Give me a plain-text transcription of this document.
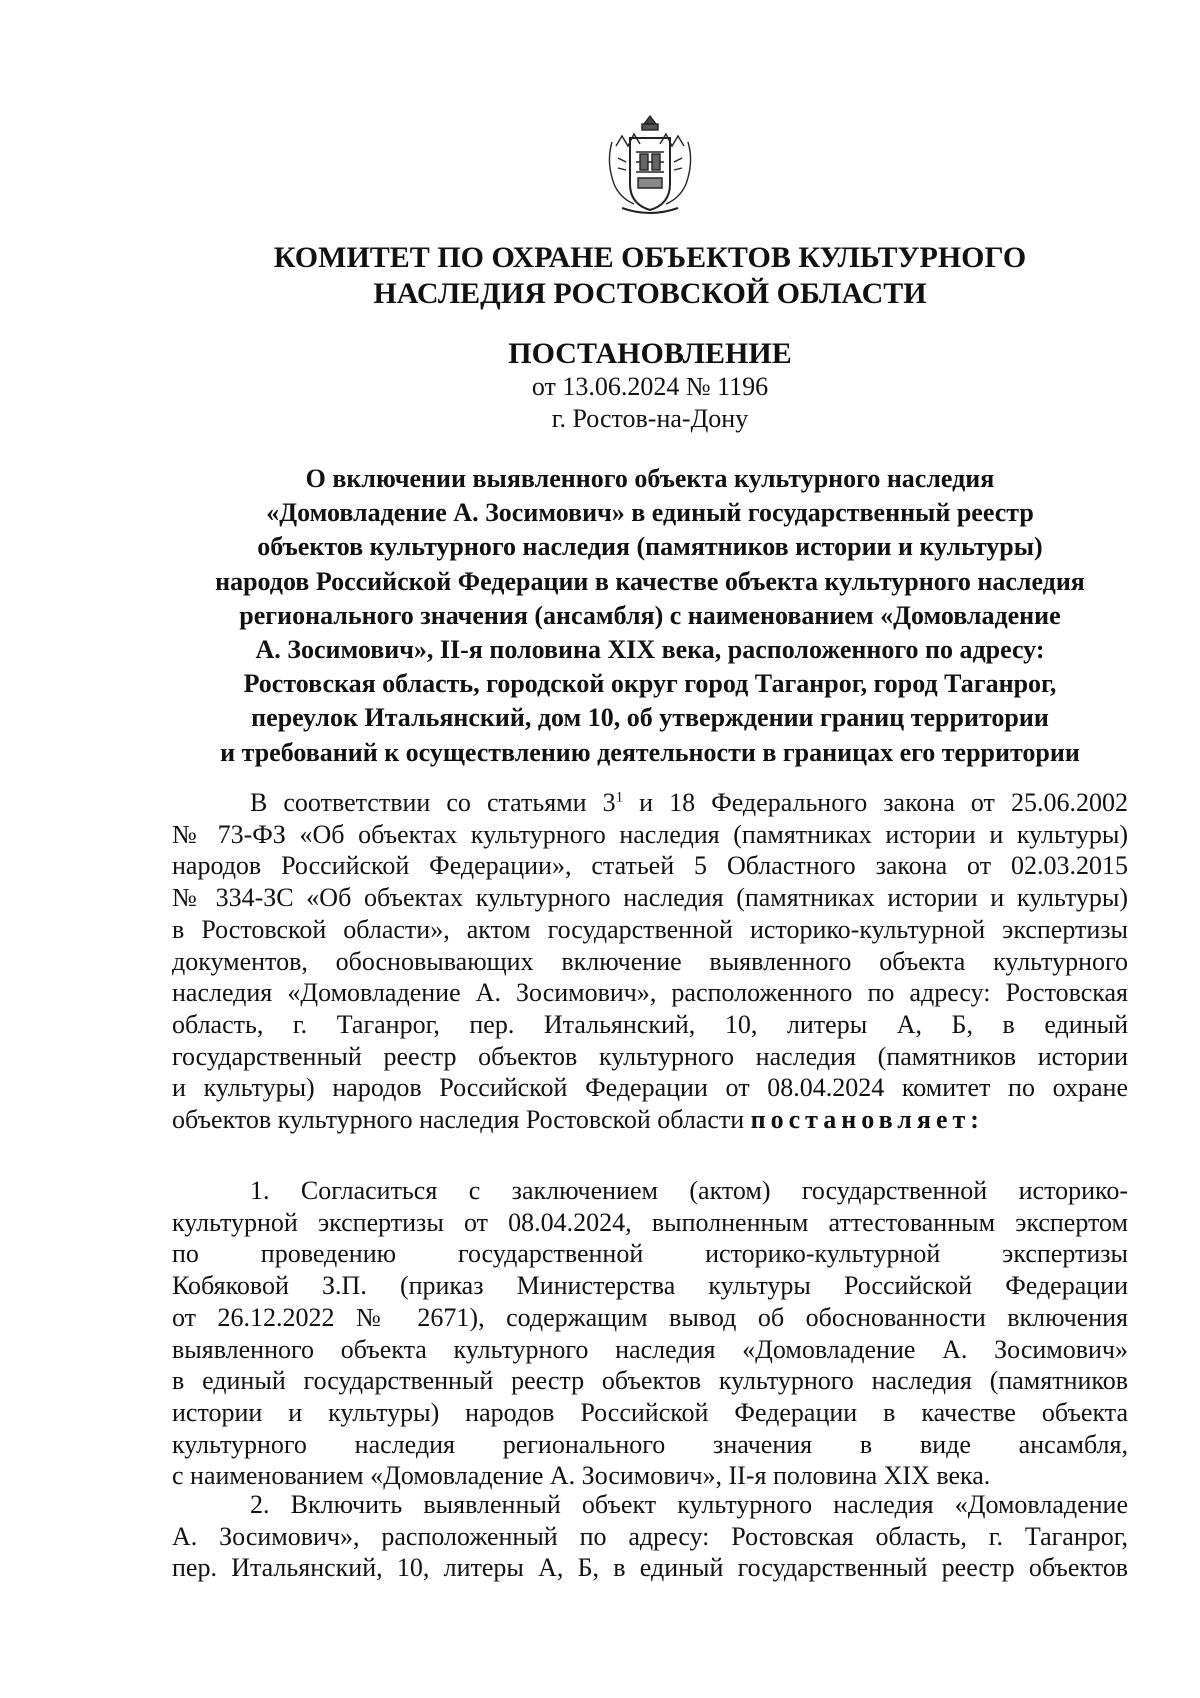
КОМИТЕТ ПО ОХРАНЕ ОБЪЕКТОВ КУЛЬТУРНОГО
НАСЛЕДИЯ РОСТОВСКОЙ ОБЛАСТИ
ПОСТАНОВЛЕНИЕ
от 13.06.2024 № 1196
г. Ростов-на-Дону
О включении выявленного объекта культурного наследия
«Домовладение А. Зосимович» в единый государственный реестр
объектов культурного наследия (памятников истории и культуры)
народов Российской Федерации в качестве объекта культурного наследия
регионального значения (ансамбля) с наименованием «Домовладение
А. Зосимович», II-я половина XIX века, расположенного по адресу:
Ростовская область, городской округ город Таганрог, город Таганрог,
переулок Итальянский, дом 10, об утверждении границ территории
и требований к осуществлению деятельности в границах его территории
В соответствии со статьями $3^1$ и 18 Федерального закона от 25.06.2002
№ 73-ФЗ «Об объектах культурного наследия (памятниках истории и культуры)
народов Российской Федерации», статьей 5 Областного закона от 02.03.2015
№ 334-ЗС «Об объектах культурного наследия (памятниках истории и культуры)
в Ростовской области», актом государственной историко-культурной экспертизы
документов, обосновывающих включение выявленного объекта культурного
наследия «Домовладение А. Зосимович», расположенного по адресу: Ростовская
область, г. Таганрог, пер. Итальянский, 10, литеры А, Б, в единый
государственный реестр объектов культурного наследия (памятников истории
и культуры) народов Российской Федерации от 08.04.2024 комитет по охране
объектов культурного наследия Ростовской области постановляет:
1. Согласиться с заключением (актом) государственной историко-
культурной экспертизы от 08.04.2024, выполненным аттестованным экспертом
по проведению государственной историко-культурной экспертизы
Кобяковой З.П. (приказ Министерства культуры Российской Федерации
от 26.12.2022 № 2671), содержащим вывод об обоснованности включения
выявленного объекта культурного наследия «Домовладение А. Зосимович»
в единый государственный реестр объектов культурного наследия (памятников
истории и культуры) народов Российской Федерации в качестве объекта
культурного наследия регионального значения в виде ансамбля,
с наименованием «Домовладение А. Зосимович», II-я половина XIX века.
2. Включить выявленный объект культурного наследия «Домовладение
А. Зосимович», расположенный по адресу: Ростовская область, г. Таганрог,
пер. Итальянский, 10, литеры А, Б, в единый государственный реестр объектов
